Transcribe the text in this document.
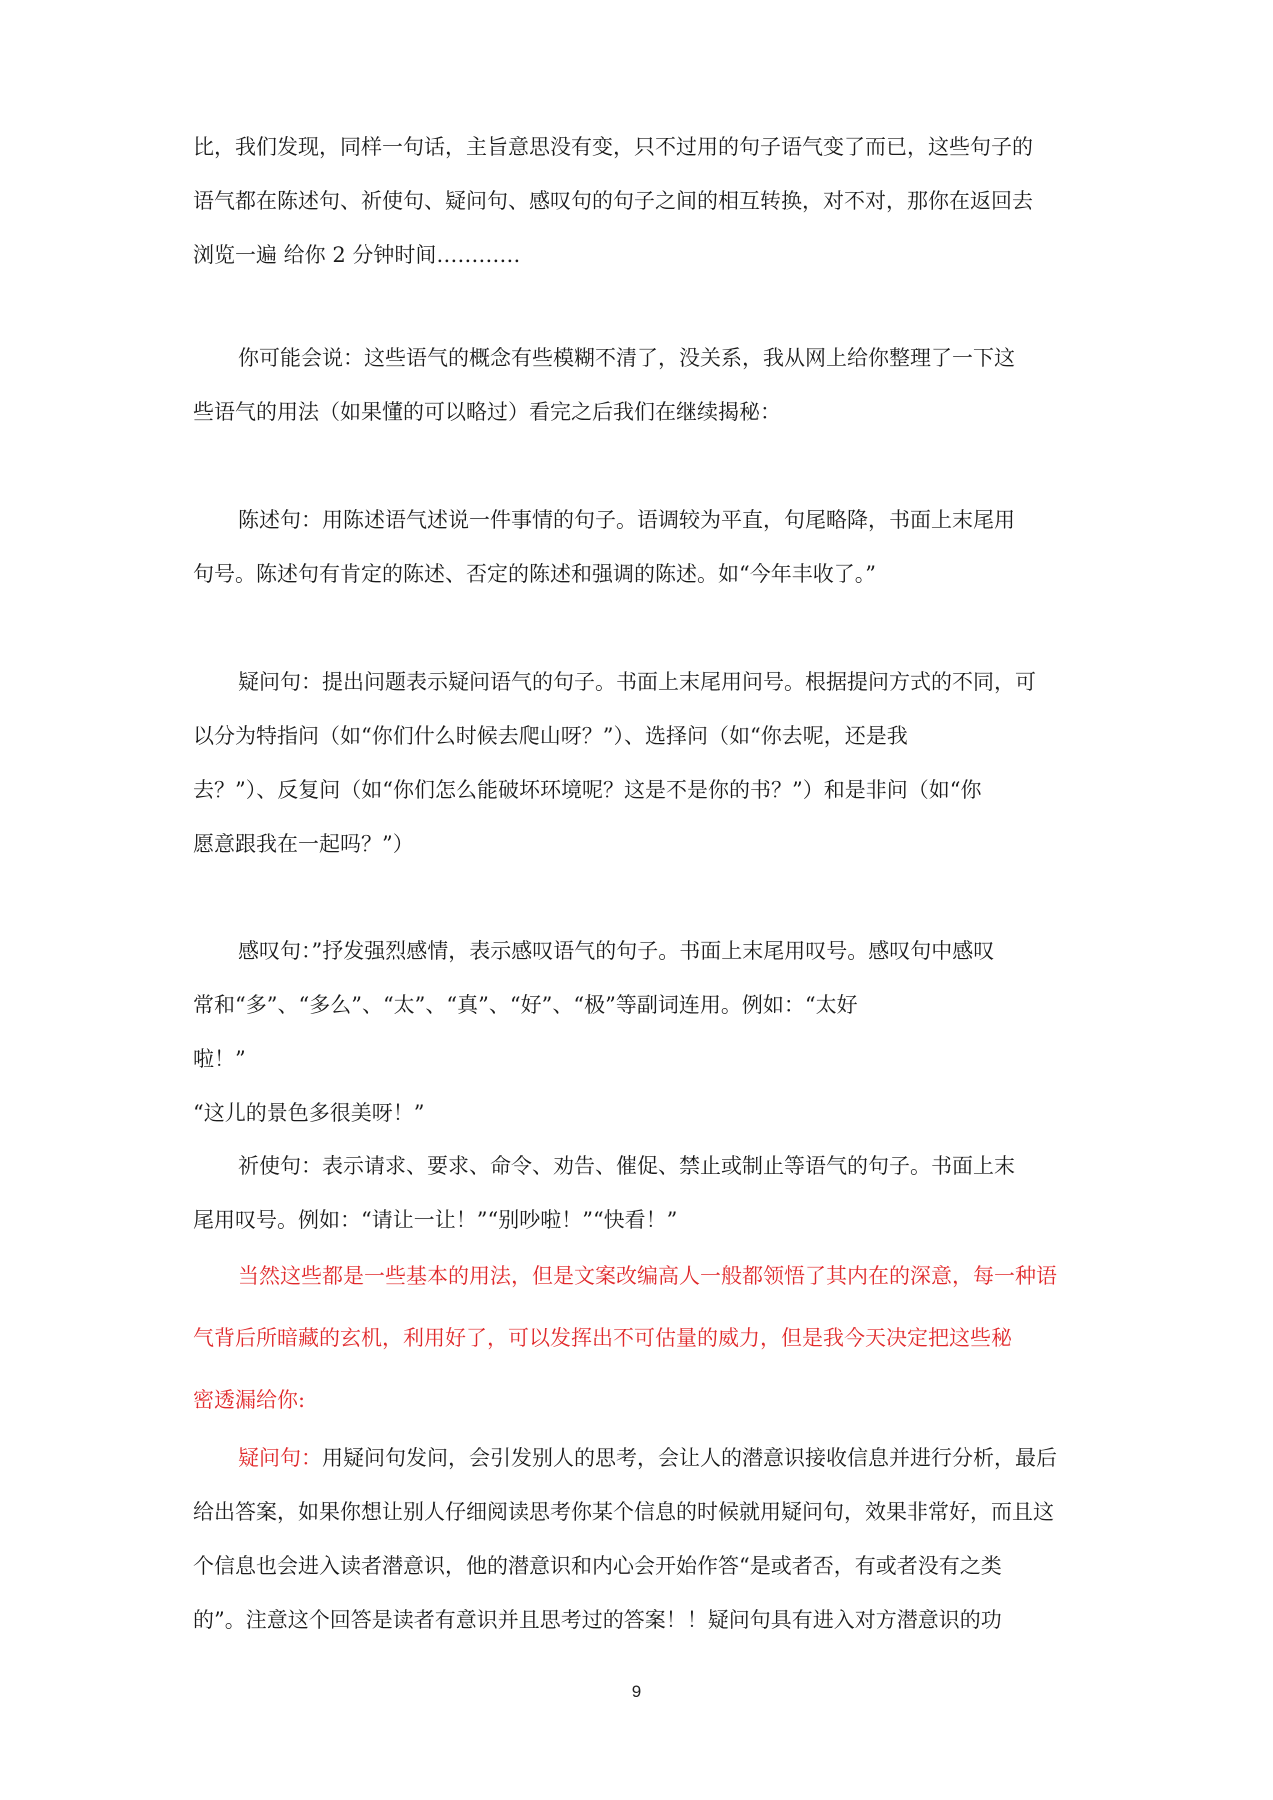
比，我们发现，同样一句话，主旨意思没有变，只不过用的句子语气变了而已，这些句子的

语气都在陈述句、祈使句、疑问句、感叹句的句子之间的相互转换，对不对，那你在返回去

浏览一遍 给你 2 分钟时间…………

你可能会说：这些语气的概念有些模糊不清了，没关系，我从网上给你整理了一下这

些语气的用法（如果懂的可以略过）看完之后我们在继续揭秘：

陈述句：用陈述语气述说一件事情的句子。语调较为平直，句尾略降，书面上末尾用

句号。陈述句有肯定的陈述、否定的陈述和强调的陈述。如“今年丰收了。”

疑问句：提出问题表示疑问语气的句子。书面上末尾用问号。根据提问方式的不同，可

以分为特指问（如“你们什么时候去爬山呀？”）、选择问（如“你去呢，还是我

去？”）、反复问（如“你们怎么能破坏环境呢？这是不是你的书？”）和是非问（如“你

愿意跟我在一起吗？”）

感叹句：”抒发强烈感情，表示感叹语气的句子。书面上末尾用叹号。感叹句中感叹

常和“多”、“多么”、“太”、“真”、“好”、“极”等副词连用。例如：“太好

啦！”

“这儿的景色多很美呀！”

祈使句：表示请求、要求、命令、劝告、催促、禁止或制止等语气的句子。书面上末

尾用叹号。例如：“请让一让！”“别吵啦！”“快看！”

当然这些都是一些基本的用法，但是文案改编高人一般都领悟了其内在的深意，每一种语

气背后所暗藏的玄机，利用好了，可以发挥出不可估量的威力，但是我今天决定把这些秘

密透漏给你:

疑问句：用疑问句发问，会引发别人的思考，会让人的潜意识接收信息并进行分析，最后

给出答案，如果你想让别人仔细阅读思考你某个信息的时候就用疑问句，效果非常好，而且这

个信息也会进入读者潜意识，他的潜意识和内心会开始作答“是或者否，有或者没有之类

的”。注意这个回答是读者有意识并且思考过的答案！！疑问句具有进入对方潜意识的功

9
